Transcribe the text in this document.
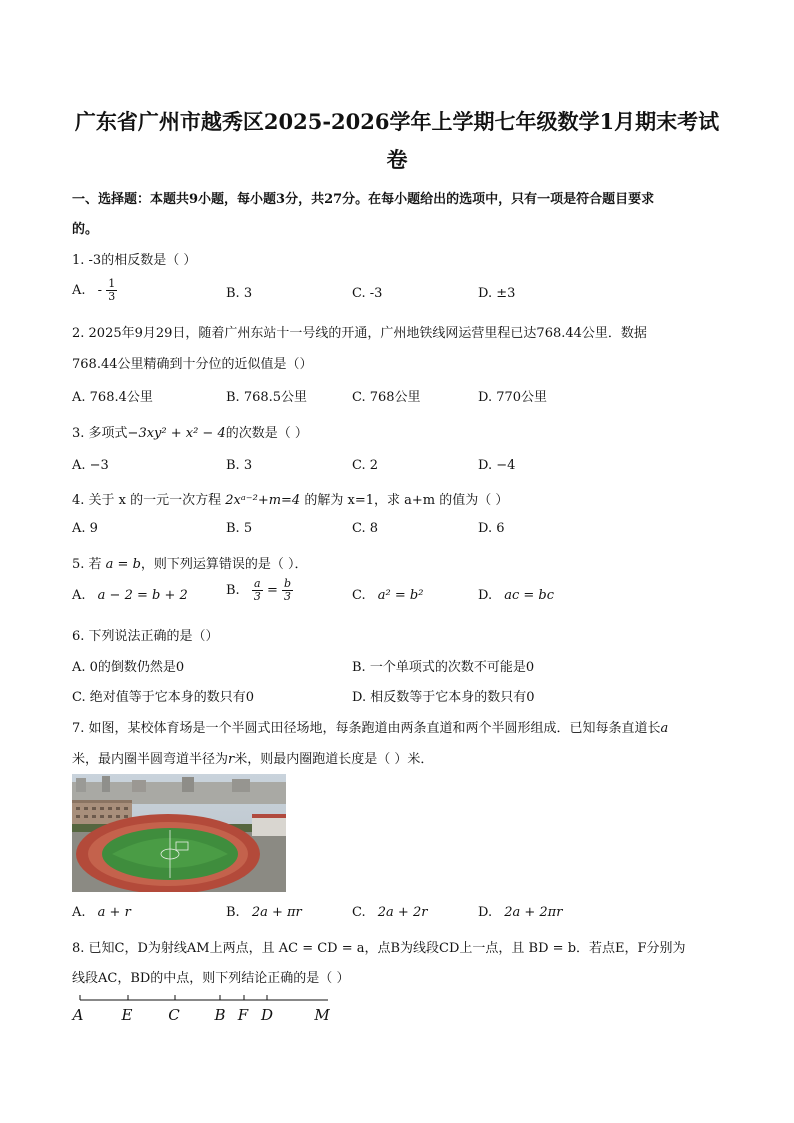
广东省广州市越秀区2025-2026学年上学期七年级数学1月期末考试
卷
一、选择题：本题共9小题，每小题3分，共27分。在每小题给出的选项中，只有一项是符合题目要求
的。
1. -3的相反数是（ ）
A. - $\frac{1}{3}$	B. 3	C. -3	D. ±3
2. 2025年9月29日，随着广州东站十一号线的开通，广州地铁线网运营里程已达768.44公里．数据
768.44公里精确到十分位的近似值是（）
A. 768.4公里	B. 768.5公里	C. 768公里	D. 770公里
3. 多项式−3xy² + x² − 4的次数是（ ）
A. −3	B. 3	C. 2	D. −4
4. 关于 x 的一元一次方程 2xᵃ⁻²+m=4 的解为 x=1，求 a+m 的值为（ ）
A. 9	B. 5	C. 8	D. 6
5. 若 a = b，则下列运算错误的是（ ）．
A. a − 2 = b + 2	B. $\frac{a}{3} = \frac{b}{3}$	C. a² = b²	D. ac = bc
6. 下列说法正确的是（）
A. 0的倒数仍然是0	B. 一个单项式的次数不可能是0
C. 绝对值等于它本身的数只有0	D. 相反数等于它本身的数只有0
7. 如图，某校体育场是一个半圆式田径场地，每条跑道由两条直道和两个半圆形组成．已知每条直道长a
米，最内圈半圆弯道半径为r米，则最内圈跑道长度是（ ）米．
A. a + r	B. 2a + πr	C. 2a + 2r	D. 2a + 2πr
8. 已知C，D为射线AM上两点，且 AC = CD = a，点B为线段CD上一点，且 BD = b．若点E，F分别为
线段AC，BD的中点，则下列结论正确的是（ ）
A	E C B F D	M
